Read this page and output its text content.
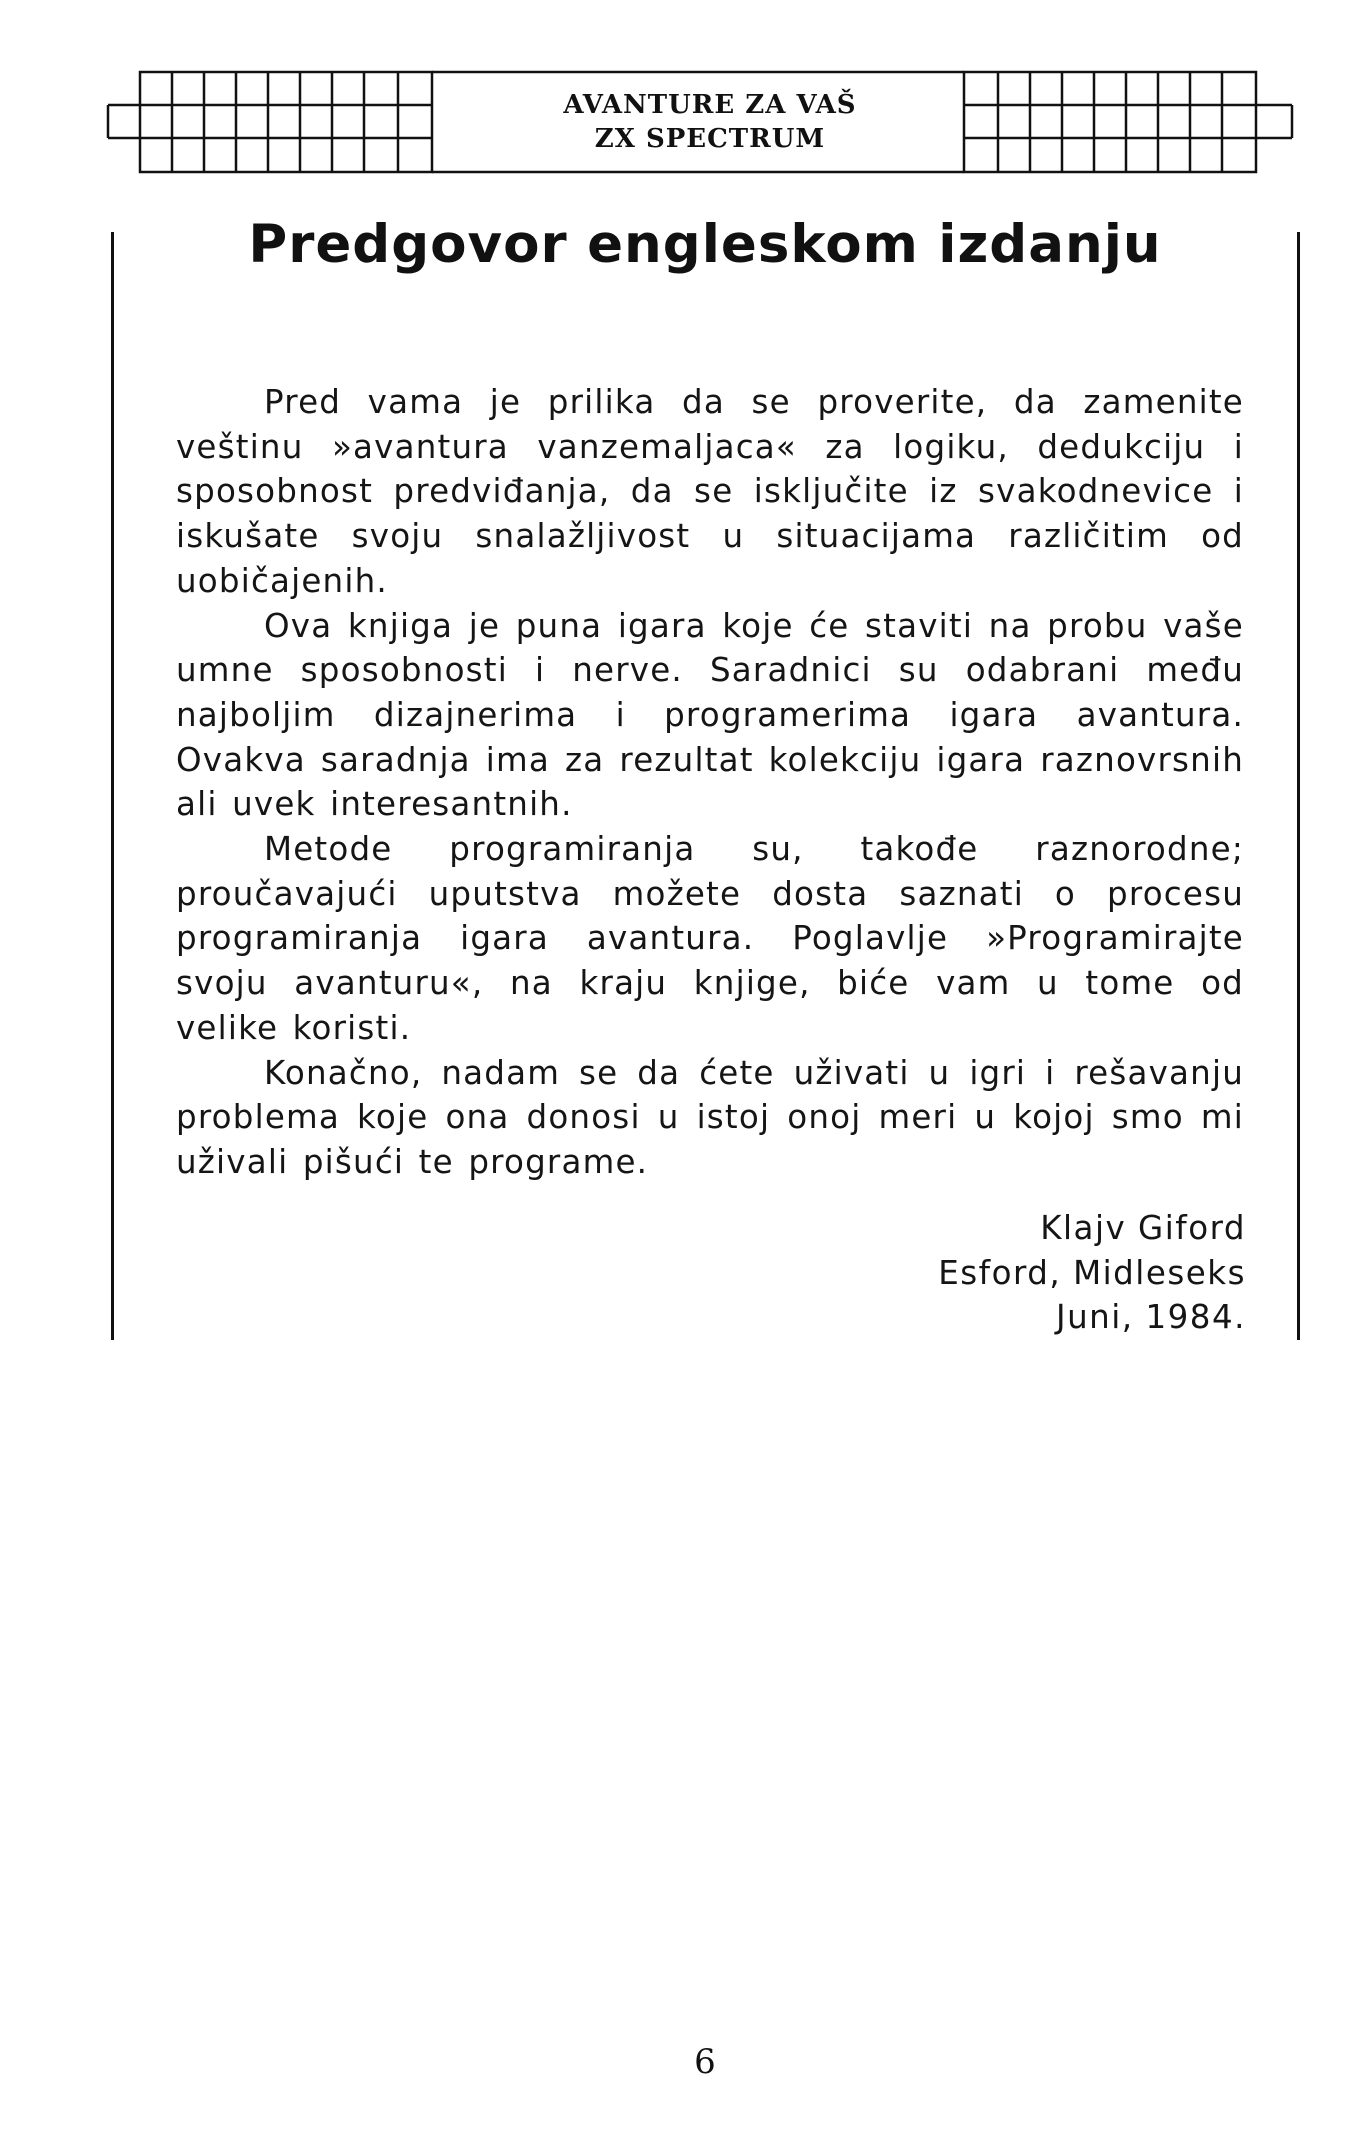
AVANTURE ZA VAŠ
ZX SPECTRUM
Predgovor engleskom izdanju

Pred vama je prilika da se proverite, da zamenite veštinu »avantura vanzemaljaca« za logiku, dedukciju i sposobnost predviđanja, da se isključite iz svakodnevice i iskušate svoju snalažljivost u situacijama različitim od uobičajenih.

Ova knjiga je puna igara koje će staviti na probu vaše umne sposobnosti i nerve. Saradnici su odabrani među najboljim dizajnerima i programerima igara avantura. Ovakva saradnja ima za rezultat kolekciju igara raznovrsnih ali uvek interesantnih.

Metode programiranja su, takođe raznorodne; proučavajući uputstva možete dosta saznati o procesu programiranja igara avantura. Poglavlje »Programirajte svoju avanturu«, na kraju knjige, biće vam u tome od velike koristi.

Konačno, nadam se da ćete uživati u igri i rešavanju problema koje ona donosi u istoj onoj meri u kojoj smo mi uživali pišući te programe.

Klajv Giford
Esford, Midleseks
Juni, 1984.
6
